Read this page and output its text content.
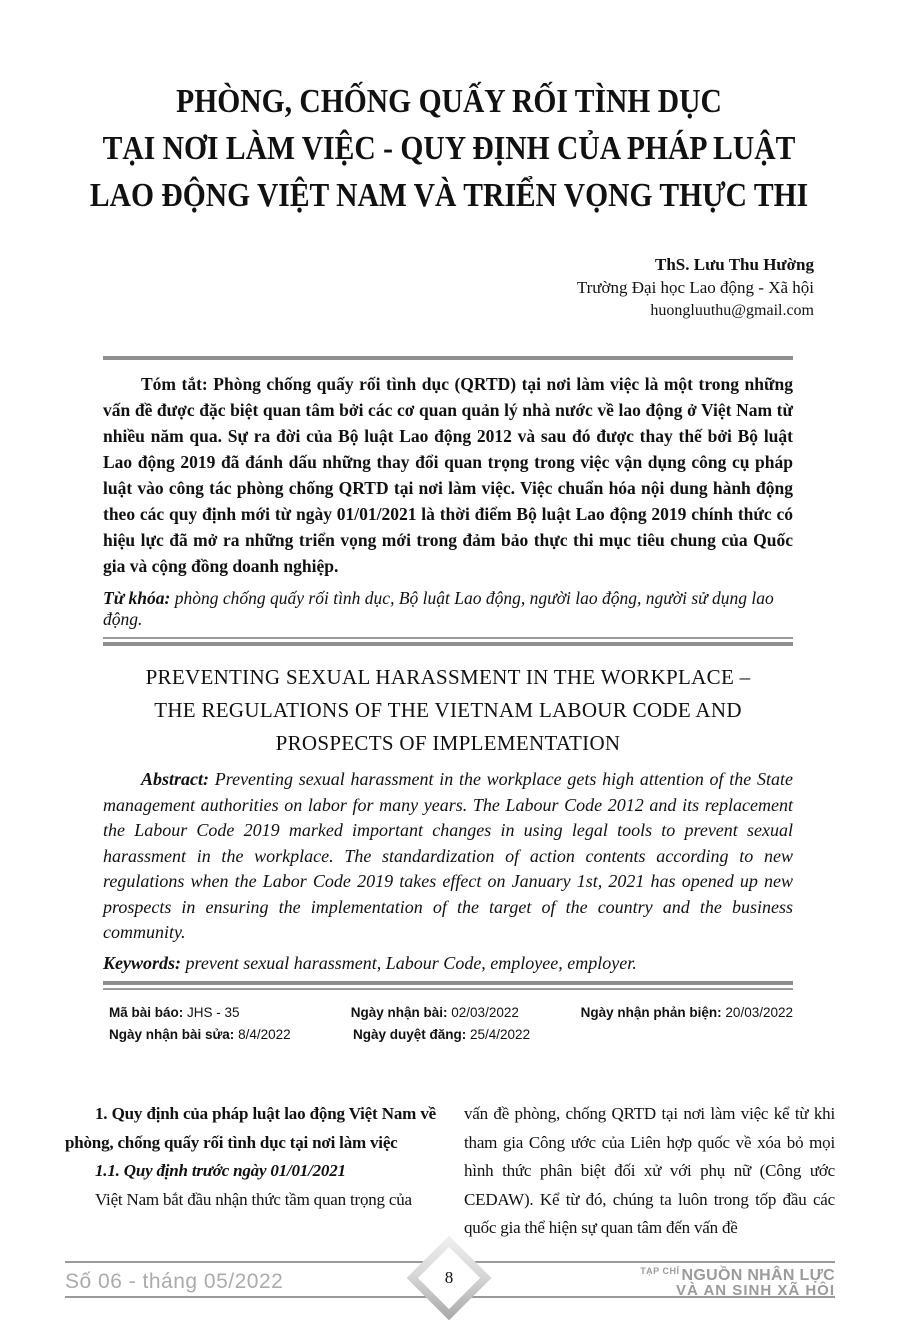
PHÒNG, CHỐNG QUẤY RỐI TÌNH DỤC
TẠI NƠI LÀM VIỆC - QUY ĐỊNH CỦA PHÁP LUẬT
LAO ĐỘNG VIỆT NAM VÀ TRIỂN VỌNG THỰC THI
ThS. Lưu Thu Hường
Trường Đại học Lao động - Xã hội
huongluuthu@gmail.com

Tóm tắt: Phòng chống quấy rối tình dục (QRTD) tại nơi làm việc là một trong những vấn đề được đặc biệt quan tâm bởi các cơ quan quản lý nhà nước về lao động ở Việt Nam từ nhiều năm qua. Sự ra đời của Bộ luật Lao động 2012 và sau đó được thay thế bởi Bộ luật Lao động 2019 đã đánh dấu những thay đổi quan trọng trong việc vận dụng công cụ pháp luật vào công tác phòng chống QRTD tại nơi làm việc. Việc chuẩn hóa nội dung hành động theo các quy định mới từ ngày 01/01/2021 là thời điểm Bộ luật Lao động 2019 chính thức có hiệu lực đã mở ra những triển vọng mới trong đảm bảo thực thi mục tiêu chung của Quốc gia và cộng đồng doanh nghiệp.

Từ khóa: phòng chống quấy rối tình dục, Bộ luật Lao động, người lao động, người sử dụng lao động.

PREVENTING SEXUAL HARASSMENT IN THE WORKPLACE –
THE REGULATIONS OF THE VIETNAM LABOUR CODE AND
PROSPECTS OF IMPLEMENTATION

Abstract: Preventing sexual harassment in the workplace gets high attention of the State management authorities on labor for many years. The Labour Code 2012 and its replacement the Labour Code 2019 marked important changes in using legal tools to prevent sexual harassment in the workplace. The standardization of action contents according to new regulations when the Labor Code 2019 takes effect on January 1st, 2021 has opened up new prospects in ensuring the implementation of the target of the country and the business community.

Keywords: prevent sexual harassment, Labour Code, employee, employer.

Mã bài báo: JHS - 35	Ngày nhận bài: 02/03/2022	Ngày nhận phản biện: 20/03/2022
Ngày nhận bài sửa: 8/4/2022	Ngày duyệt đăng: 25/4/2022
1. Quy định của pháp luật lao động Việt Nam về phòng, chống quấy rối tình dục tại nơi làm việc
1.1. Quy định trước ngày 01/01/2021
Việt Nam bắt đầu nhận thức tầm quan trọng của
vấn đề phòng, chống QRTD tại nơi làm việc kể từ khi tham gia Công ước của Liên hợp quốc về xóa bỏ mọi hình thức phân biệt đối xử với phụ nữ (Công ước CEDAW). Kể từ đó, chúng ta luôn trong tốp đầu các quốc gia thể hiện sự quan tâm đến vấn đề
Số 06 - tháng 05/2022	8	$^{TẠP CHÍ}$ NGUỒN NHÂN LỰC
VÀ AN SINH XÃ HỘI
